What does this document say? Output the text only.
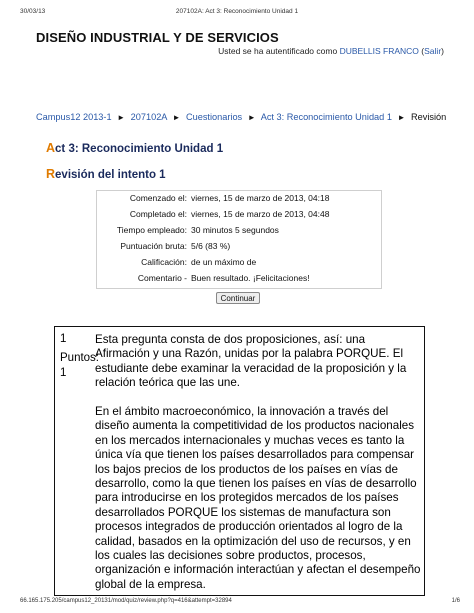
30/03/13	207102A: Act 3: Reconocimiento Unidad 1
DISEÑO INDUSTRIAL Y DE SERVICIOS
Usted se ha autentificado como DUBELLIS FRANCO (Salir)
Campus12 2013-1 ► 207102A ► Cuestionarios ► Act 3: Reconocimiento Unidad 1 ► Revisión
Act 3: Reconocimiento Unidad 1
Revisión del intento 1
Comenzado el: viernes, 15 de marzo de 2013, 04:18
Completado el: viernes, 15 de marzo de 2013, 04:48
Tiempo empleado: 30 minutos 5 segundos
Puntuación bruta: 5/6 (83 %)
Calificación: de un máximo de
Comentario - Buen resultado. ¡Felicitaciones!
Continuar
1
Puntos:
1

Esta pregunta consta de dos proposiciones, así: una Afirmación y una Razón, unidas por la palabra PORQUE. El estudiante debe examinar la veracidad de la proposición y la relación teórica que las une.

En el ámbito macroeconómico, la innovación a través del diseño aumenta la competitividad de los productos nacionales en los mercados internacionales y muchas veces es tanto la única vía que tienen los países desarrollados para compensar los bajos precios de los productos de los países en vías de desarrollo, como la que tienen los países en vías de desarrollo para introducirse en los protegidos mercados de los países desarrollados PORQUE los sistemas de manufactura son procesos integrados de producción orientados al logro de la calidad, basados en la optimización del uso de recursos, y en los cuales las decisiones sobre productos, procesos, organización e información interactúan y afectan el desempeño global de la empresa.

66.165.175.205/campus12_20131/mod/quiz/review.php?q=416&attempt=32894	1/6
